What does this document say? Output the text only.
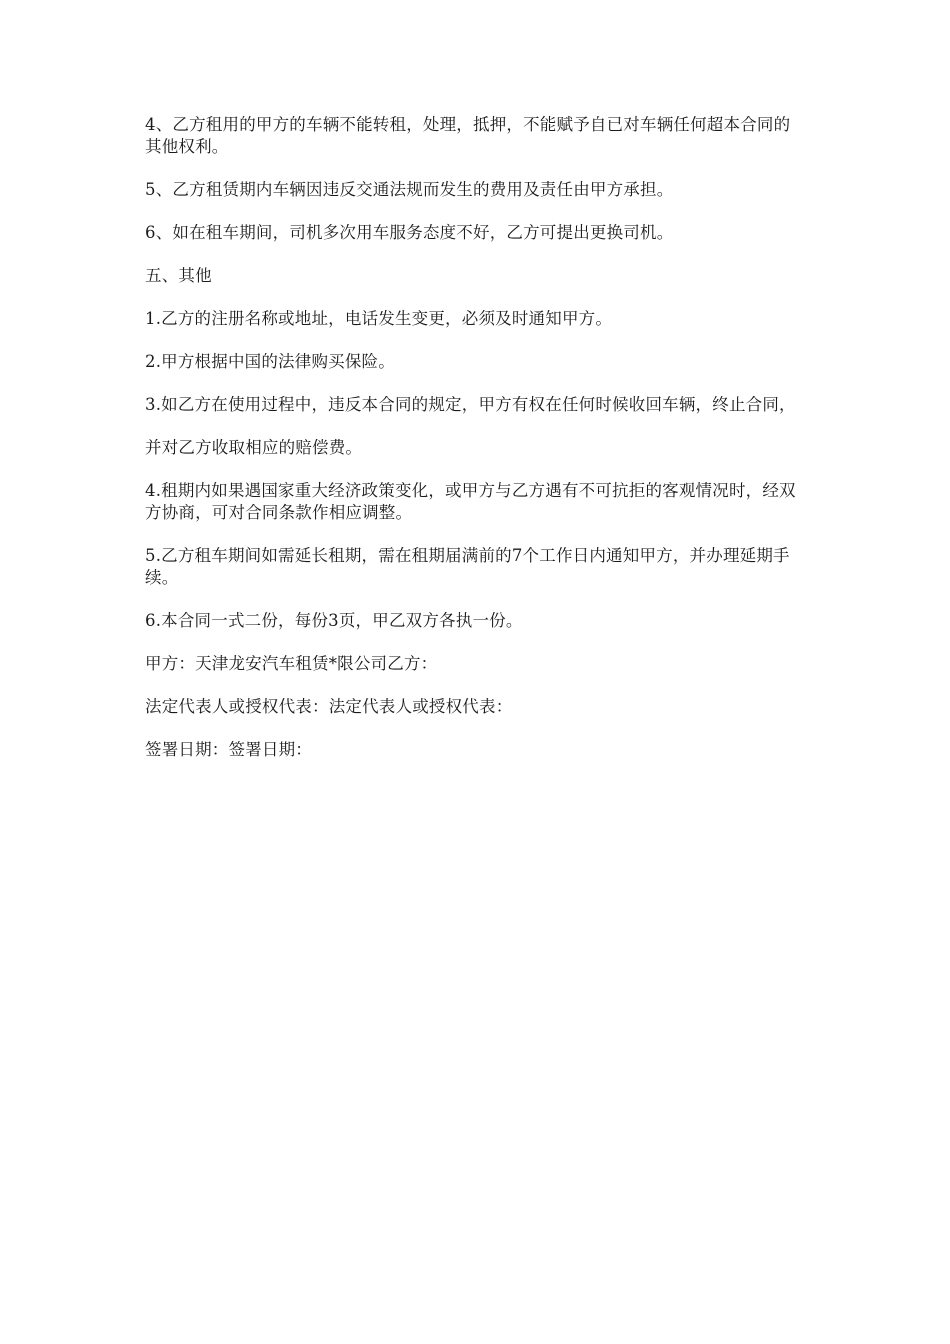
4、乙方租用的甲方的车辆不能转租，处理，抵押，不能赋予自已对车辆任何超本合同的其他权利。

5、乙方租赁期内车辆因违反交通法规而发生的费用及责任由甲方承担。

6、如在租车期间，司机多次用车服务态度不好，乙方可提出更换司机。

五、其他

1.乙方的注册名称或地址，电话发生变更，必须及时通知甲方。

2.甲方根据中国的法律购买保险。

3.如乙方在使用过程中，违反本合同的规定，甲方有权在任何时候收回车辆，终止合同，

并对乙方收取相应的赔偿费。

4.租期内如果遇国家重大经济政策变化，或甲方与乙方遇有不可抗拒的客观情况时，经双方协商，可对合同条款作相应调整。

5.乙方租车期间如需延长租期，需在租期届满前的7个工作日内通知甲方，并办理延期手续。

6.本合同一式二份，每份3页，甲乙双方各执一份。

甲方：天津龙安汽车租赁*限公司乙方：

法定代表人或授权代表：法定代表人或授权代表：

签署日期：签署日期：
